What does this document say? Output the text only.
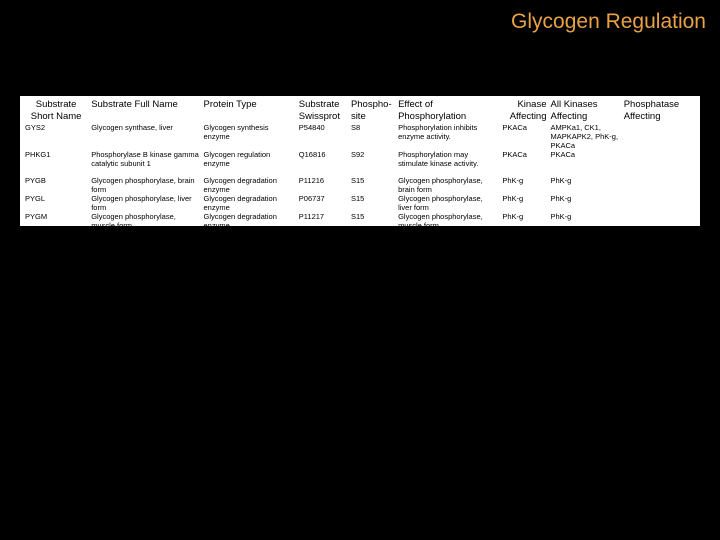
Glycogen Regulation
Substrate Short Name	Substrate Full Name	Protein Type	Substrate Swissprot	Phospho-site	Effect of Phosphorylation	Kinase Affecting	All Kinases Affecting	Phosphatase Affecting
GYS2	Glycogen synthase, liver	Glycogen synthesis enzyme	P54840	S8	Phosphorylation inhibits enzyme activity.	PKACa	AMPKa1, CK1, MAPKAPK2, PhK-g, PKACa	
PHKG1	Phosphorylase B kinase gamma catalytic subunit 1	Glycogen regulation enzyme	Q16816	S92	Phosphorylation may stimulate kinase activity.	PKACa	PKACa	
PYGB	Glycogen phosphorylase, brain form	Glycogen degradation enzyme	P11216	S15	Glycogen phosphorylase, brain form	PhK-g	PhK-g	
PYGL	Glycogen phosphorylase, liver form	Glycogen degradation enzyme	P06737	S15	Glycogen phosphorylase, liver form	PhK-g	PhK-g	
PYGM	Glycogen phosphorylase, muscle form	Glycogen degradation enzyme	P11217	S15	Glycogen phosphorylase, muscle form	PhK-g	PhK-g	
